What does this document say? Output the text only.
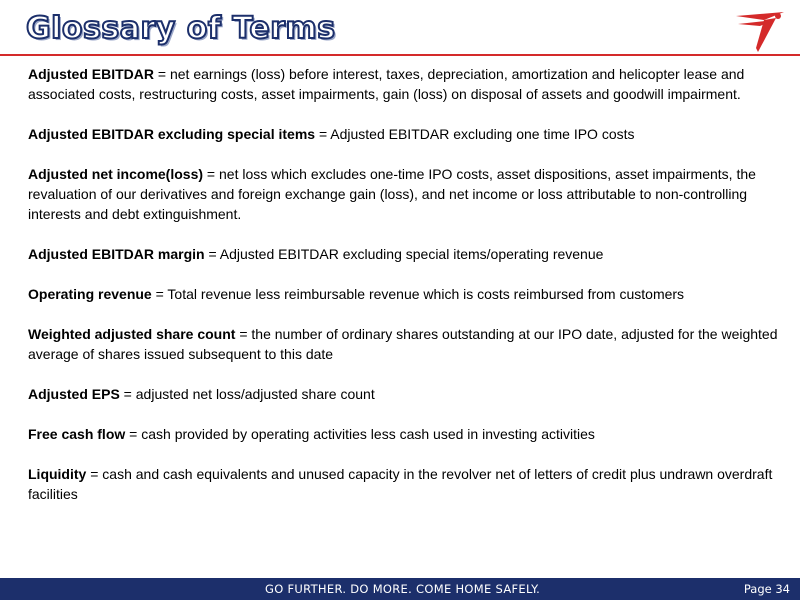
Glossary of Terms

Adjusted EBITDAR = net earnings (loss) before interest, taxes, depreciation, amortization and helicopter lease and associated costs, restructuring costs, asset impairments, gain (loss) on disposal of assets and goodwill impairment.

Adjusted EBITDAR excluding special items = Adjusted EBITDAR excluding one time IPO costs

Adjusted net income(loss) = net loss which excludes one-time IPO costs, asset dispositions, asset impairments, the revaluation of our derivatives and foreign exchange gain (loss), and net income or loss attributable to non-controlling interests and debt extinguishment.

Adjusted EBITDAR margin = Adjusted EBITDAR excluding special items/operating revenue

Operating revenue = Total revenue less reimbursable revenue which is costs reimbursed from customers

Weighted adjusted share count = the number of ordinary shares outstanding at our IPO date, adjusted for the weighted average of shares issued subsequent to this date

Adjusted EPS = adjusted net loss/adjusted share count

Free cash flow = cash provided by operating activities less cash used in investing activities

Liquidity = cash and cash equivalents and unused capacity in the revolver net of letters of credit plus undrawn overdraft facilities

GO FURTHER. DO MORE. COME HOME SAFELY.	Page 34
